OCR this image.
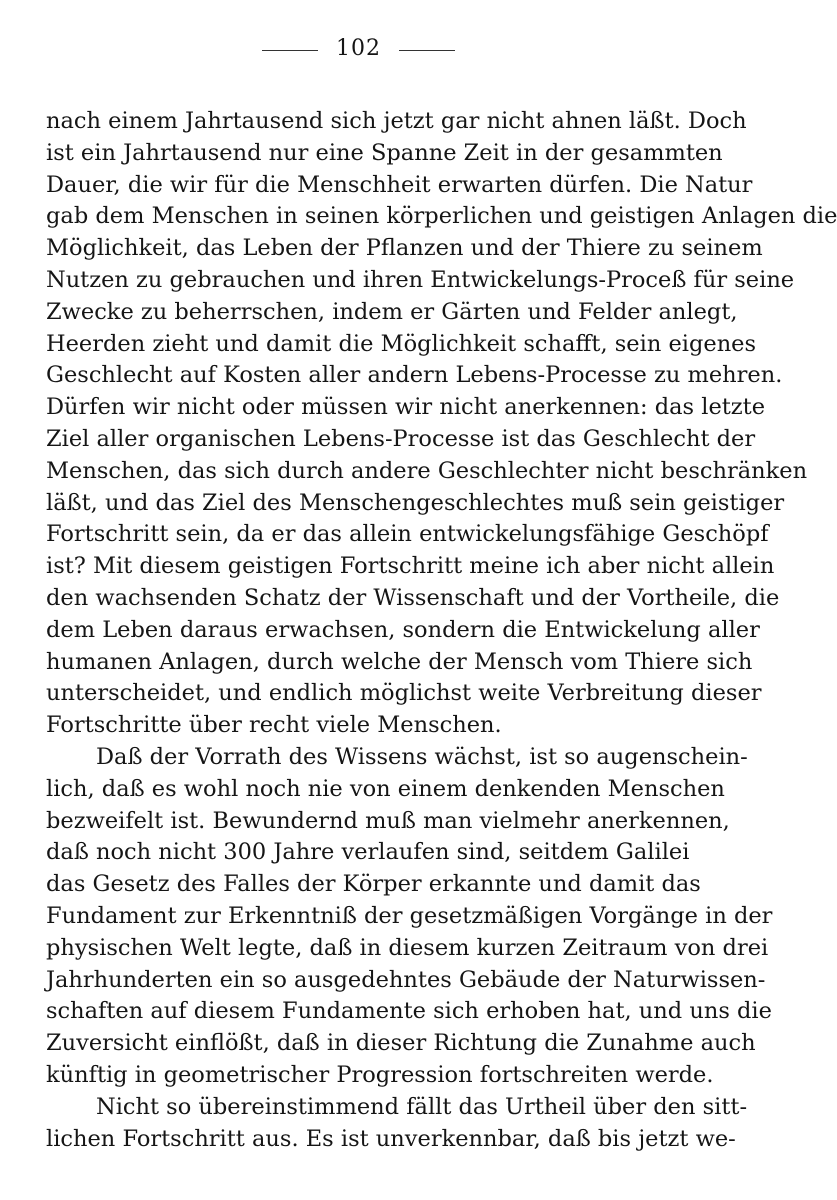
102
nach einem Jahrtausend sich jetzt gar nicht ahnen läßt. Doch
ist ein Jahrtausend nur eine Spanne Zeit in der gesammten
Dauer, die wir für die Menschheit erwarten dürfen. Die Natur
gab dem Menschen in seinen körperlichen und geistigen Anlagen die
Möglichkeit, das Leben der Pflanzen und der Thiere zu seinem
Nutzen zu gebrauchen und ihren Entwickelungs-Proceß für seine
Zwecke zu beherrschen, indem er Gärten und Felder anlegt,
Heerden zieht und damit die Möglichkeit schafft, sein eigenes
Geschlecht auf Kosten aller andern Lebens-Processe zu mehren.
Dürfen wir nicht oder müssen wir nicht anerkennen: das letzte
Ziel aller organischen Lebens-Processe ist das Geschlecht der
Menschen, das sich durch andere Geschlechter nicht beschränken
läßt, und das Ziel des Menschengeschlechtes muß sein geistiger
Fortschritt sein, da er das allein entwickelungsfähige Geschöpf
ist? Mit diesem geistigen Fortschritt meine ich aber nicht allein
den wachsenden Schatz der Wissenschaft und der Vortheile, die
dem Leben daraus erwachsen, sondern die Entwickelung aller
humanen Anlagen, durch welche der Mensch vom Thiere sich
unterscheidet, und endlich möglichst weite Verbreitung dieser
Fortschritte über recht viele Menschen.
Daß der Vorrath des Wissens wächst, ist so augenschein-
lich, daß es wohl noch nie von einem denkenden Menschen
bezweifelt ist. Bewundernd muß man vielmehr anerkennen,
daß noch nicht 300 Jahre verlaufen sind, seitdem Galilei
das Gesetz des Falles der Körper erkannte und damit das
Fundament zur Erkenntniß der gesetzmäßigen Vorgänge in der
physischen Welt legte, daß in diesem kurzen Zeitraum von drei
Jahrhunderten ein so ausgedehntes Gebäude der Naturwissen-
schaften auf diesem Fundamente sich erhoben hat, und uns die
Zuversicht einflößt, daß in dieser Richtung die Zunahme auch
künftig in geometrischer Progression fortschreiten werde.
Nicht so übereinstimmend fällt das Urtheil über den sitt-
lichen Fortschritt aus. Es ist unverkennbar, daß bis jetzt we-
